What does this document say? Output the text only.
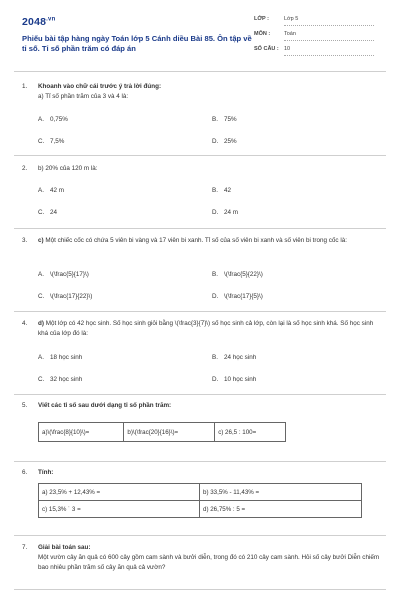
$2048^{.vn}$
Phiếu bài tập hàng ngày Toán lớp 5 Cánh diều Bài 85. Ôn tập về tỉ số. Tỉ số phần trăm có đáp án
LỚP :	Lớp 5
MÔN :	Toán
SỐ CÂU : 10
1. Khoanh vào chữ cái trước ý trả lời đúng:
a) Tỉ số phần trăm của 3 và 4 là:
A. 0,75%	B. 75%
C. 7,5%	D. 25%
2. b) 20% của 120 m là:
A. 42 m	B. 42
C. 24	D. 24 m
3. c) Một chiếc cốc có chứa 5 viên bi vàng và 17 viên bi xanh. Tỉ số của số viên bi xanh và số viên bi trong cốc là:
A. \(\frac{5}{17}\)	B. \(\frac{5}{22}\)
C. \(\frac{17}{22}\)	D. \(\frac{17}{5}\)
4. d) Một lớp có 42 học sinh. Số học sinh giỏi bằng \(\frac{3}{7}\) số học sinh cả lớp, còn lại là số học sinh khá. Số học sinh khá của lớp đó là:
A. 18 học sinh	B. 24 học sinh
C. 32 học sinh	D. 10 học sinh
5. Viết các tỉ số sau dưới dạng tỉ số phần trăm:
a)\(\frac{8}{10}\)=	b)\(\frac{20}{16}\)=	c) 26,5 : 100=
6. Tính:
a) 23,5% + 12,43% =	b) 33,5% - 11,43% =
c) 15,3% ˙ 3 =	d) 26,75% : 5 =
7. Giải bài toán sau:
Một vườn cây ăn quả có 600 cây gồm cam sành và bưởi diễn, trong đó có 210 cây cam sành. Hỏi số cây bưởi Diễn chiếm bao nhiêu phần trăm số cây ăn quả cả vườn?
